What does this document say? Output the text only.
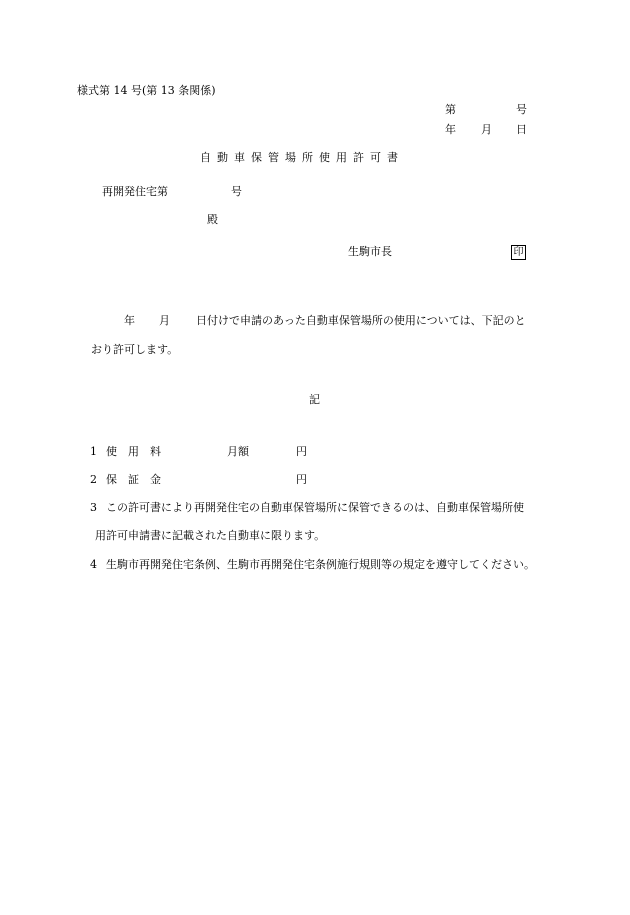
様式第 14 号(第 13 条関係)
第	号
年 月 日
自動車保管場所使用許可書
再開発住宅第	号
殿
生駒市長	印
年 月 日付けで申請のあった自動車保管場所の使用については、下記のと
おり許可します。
記
1 使　用　料	月額	円
2 保　証　金	円
3 この許可書により再開発住宅の自動車保管場所に保管できるのは、自動車保管場所使
用許可申請書に記載された自動車に限ります。
4 生駒市再開発住宅条例、生駒市再開発住宅条例施行規則等の規定を遵守してください。
